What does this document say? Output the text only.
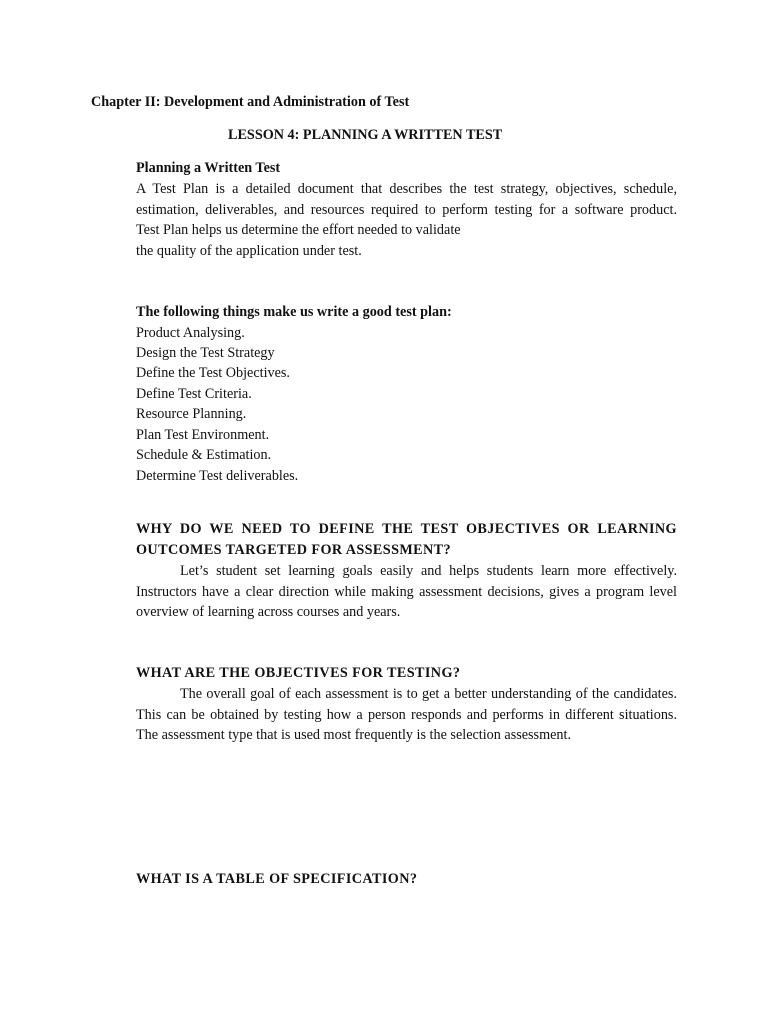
Chapter II: Development and Administration of Test
LESSON 4: PLANNING A WRITTEN TEST
Planning a Written Test
A Test Plan is a detailed document that describes the test strategy, objectives, schedule,
estimation, deliverables, and resources required to perform testing for a software product.
Test Plan helps us determine the effort needed to validate
the quality of the application under test.
The following things make us write a good test plan:
Product Analysing.
Design the Test Strategy
Define the Test Objectives.
Define Test Criteria.
Resource Planning.
Plan Test Environment.
Schedule & Estimation.
Determine Test deliverables.
WHY DO WE NEED TO DEFINE THE TEST OBJECTIVES OR LEARNING
OUTCOMES TARGETED FOR ASSESSMENT?
Let’s student set learning goals easily and helps students learn more effectively. Instructors have a clear direction while making assessment decisions, gives a program level overview of learning across courses and years.
WHAT ARE THE OBJECTIVES FOR TESTING?
The overall goal of each assessment is to get a better understanding of the candidates. This can be obtained by testing how a person responds and performs in different situations. The assessment type that is used most frequently is the selection assessment.
WHAT IS A TABLE OF SPECIFICATION?
